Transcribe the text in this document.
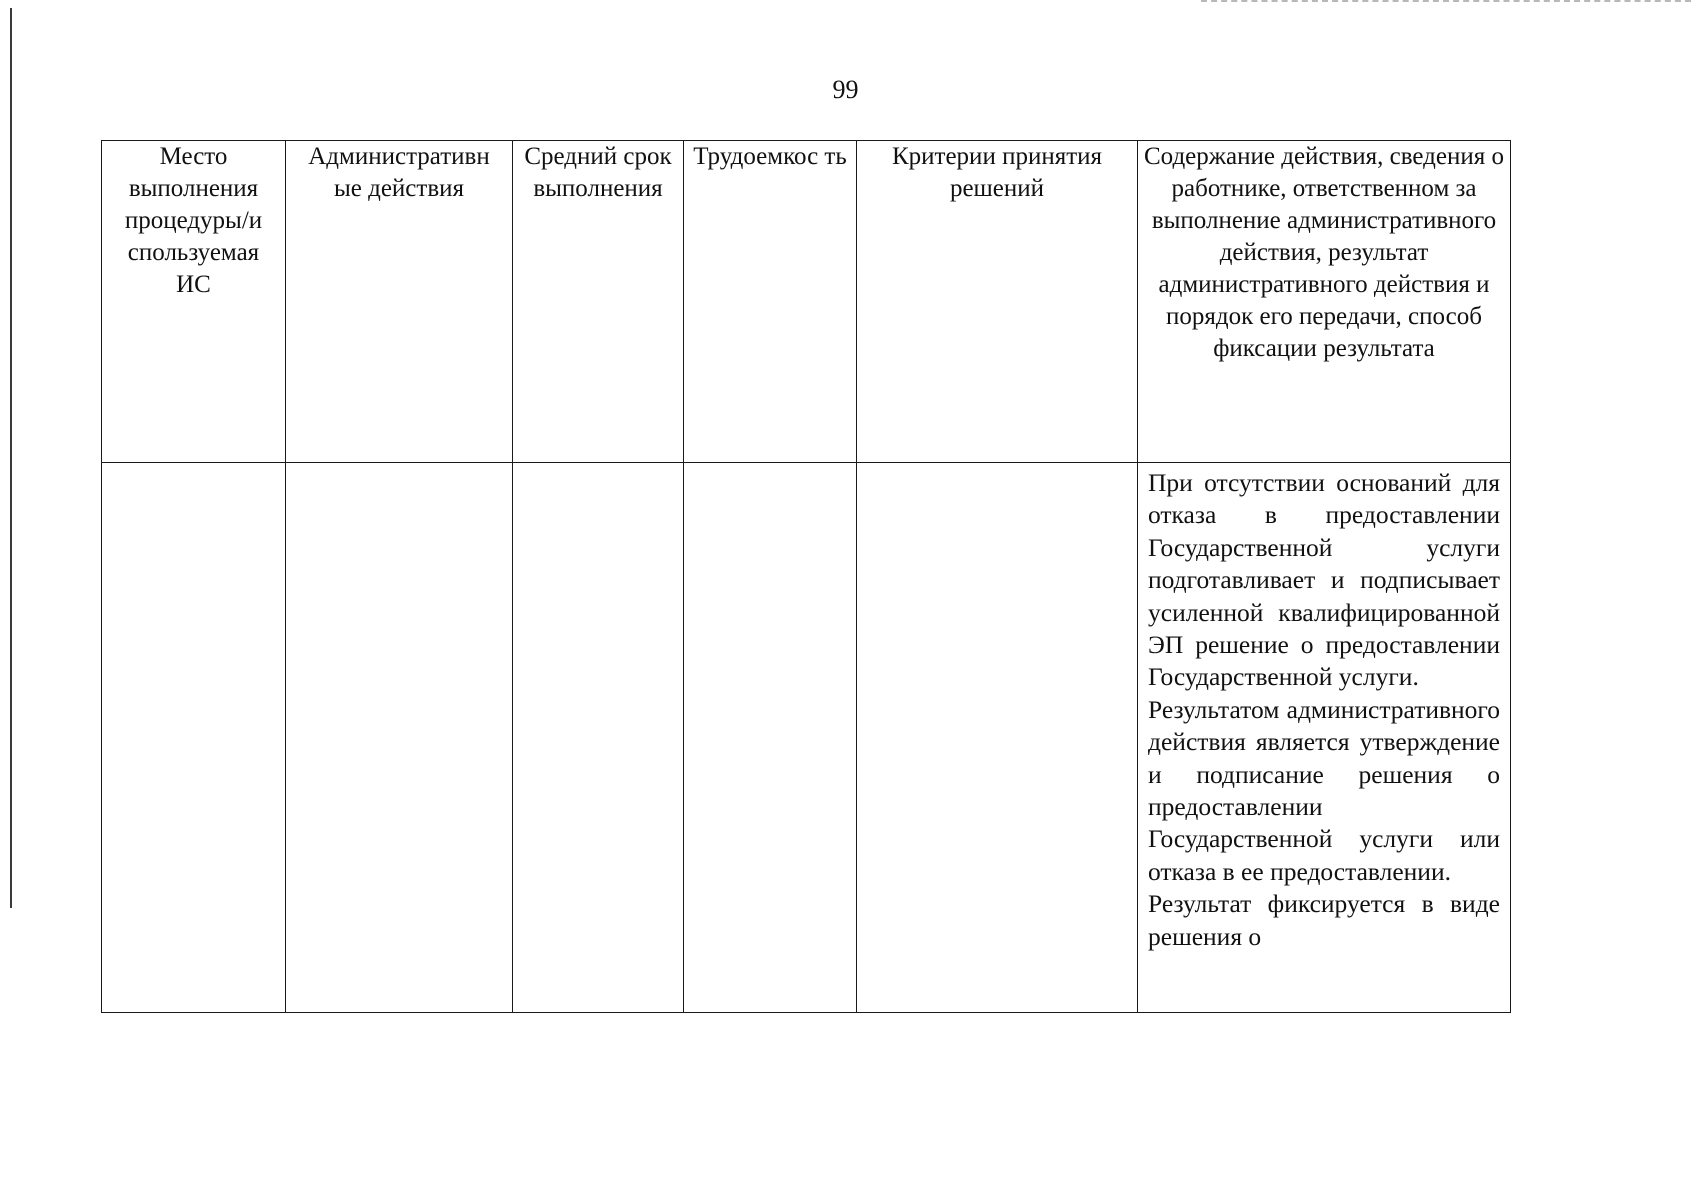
99
Место выполнения процедуры/и спользуемая ИС	Административн ые действия	Средний срок выполнения	Трудоемкос ть	Критерии принятия решений	Содержание действия, сведения о работнике, ответственном за выполнение административного действия, результат административного действия и порядок его передачи, способ фиксации результата

					При отсутствии оснований для отказа в предоставлении Государственной услуги подготавливает и подписывает усиленной квалифицированной ЭП решение о предоставлении Государственной услуги.

Результатом административного действия является утверждение и подписание решения о предоставлении Государственной услуги или отказа в ее предоставлении.

Результат фиксируется в виде решения о
